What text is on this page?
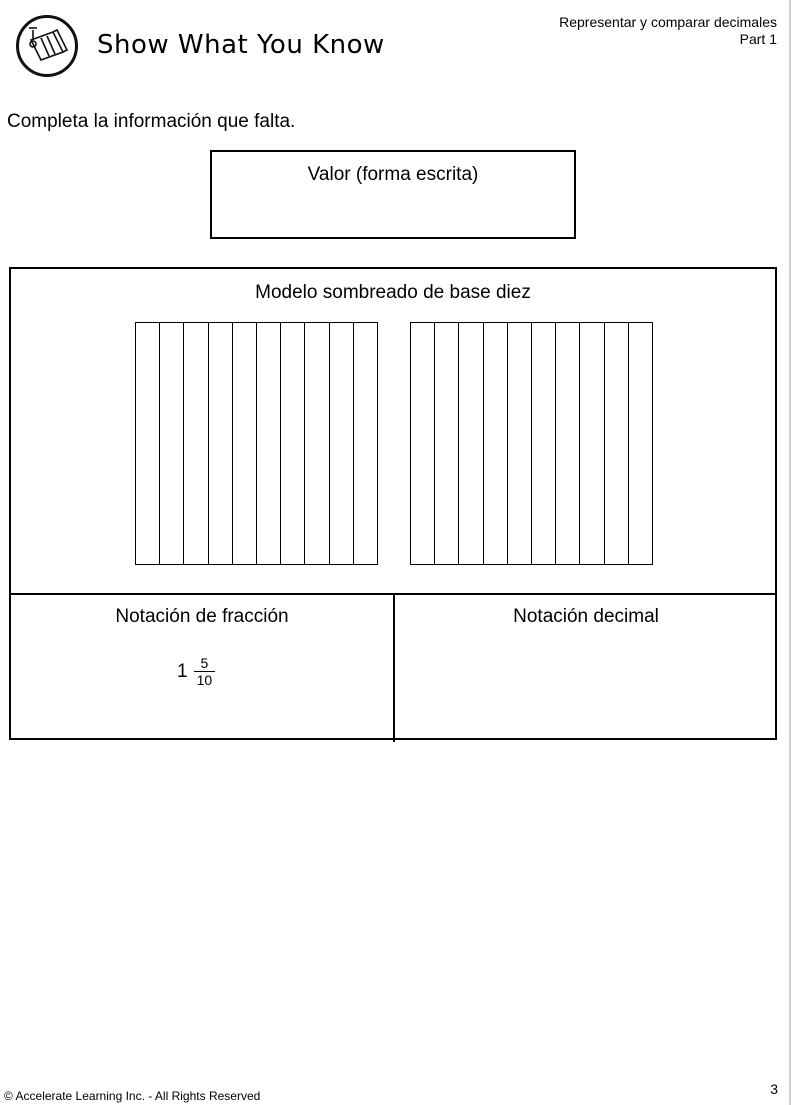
Show What You Know
Representar y comparar decimales
Part 1
Completa la información que falta.
Valor (forma escrita)
Modelo sombreado de base diez
Notación de fracción
$1 \frac{5}{10}$
Notación decimal
© Accelerate Learning Inc. - All Rights Reserved	3
